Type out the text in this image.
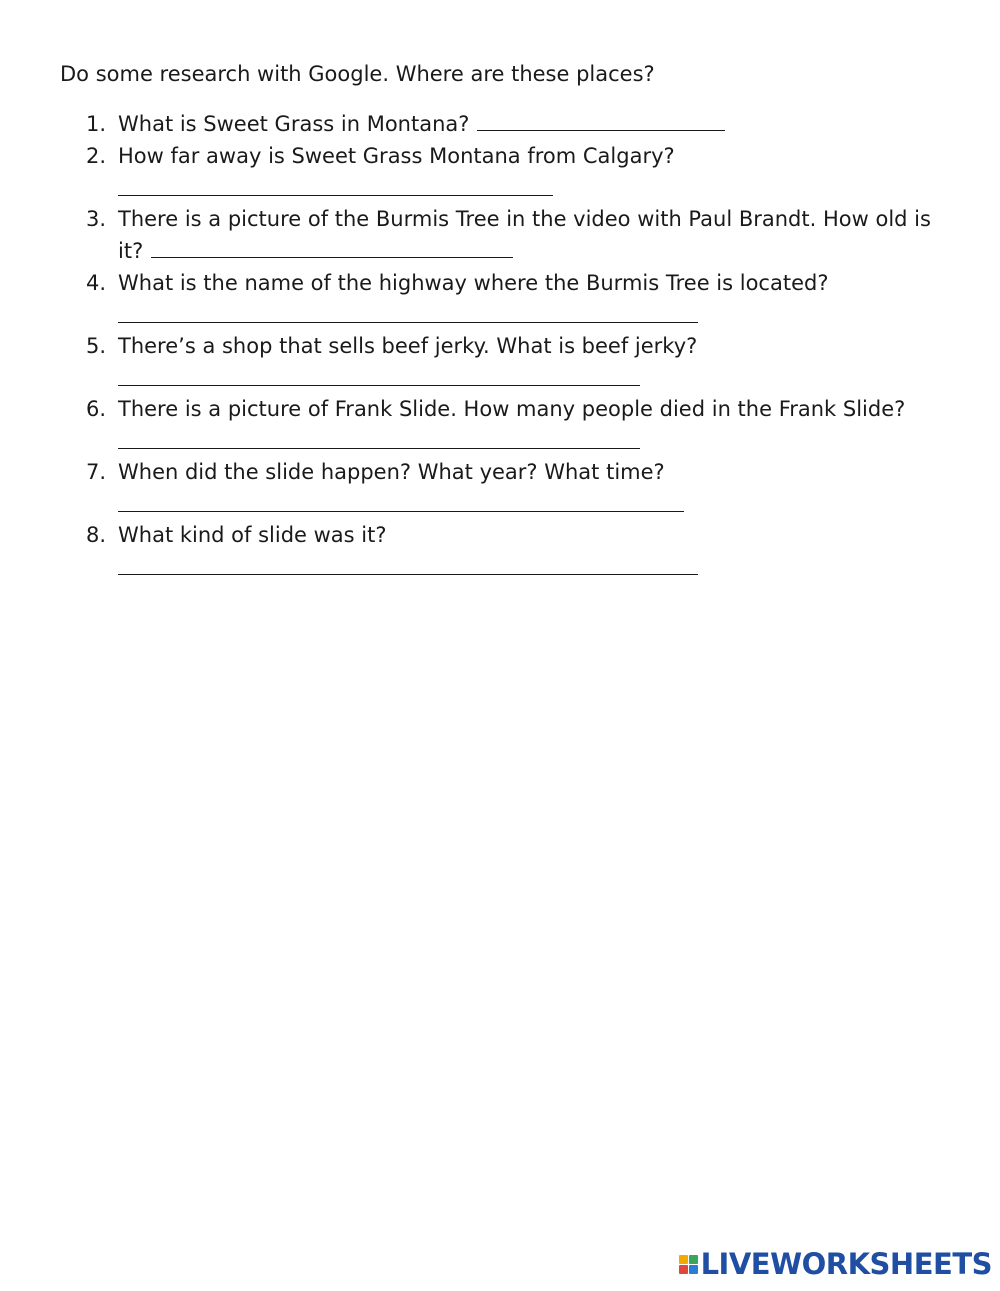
Do some research with Google. Where are these places?
1. What is Sweet Grass in Montana?
2. How far away is Sweet Grass Montana from Calgary?
3. There is a picture of the Burmis Tree in the video with Paul Brandt. How old is it?
4. What is the name of the highway where the Burmis Tree is located?
5. There’s a shop that sells beef jerky. What is beef jerky?
6. There is a picture of Frank Slide. How many people died in the Frank Slide?
7. When did the slide happen? What year? What time?
8. What kind of slide was it?
LIVEWORKSHEETS
